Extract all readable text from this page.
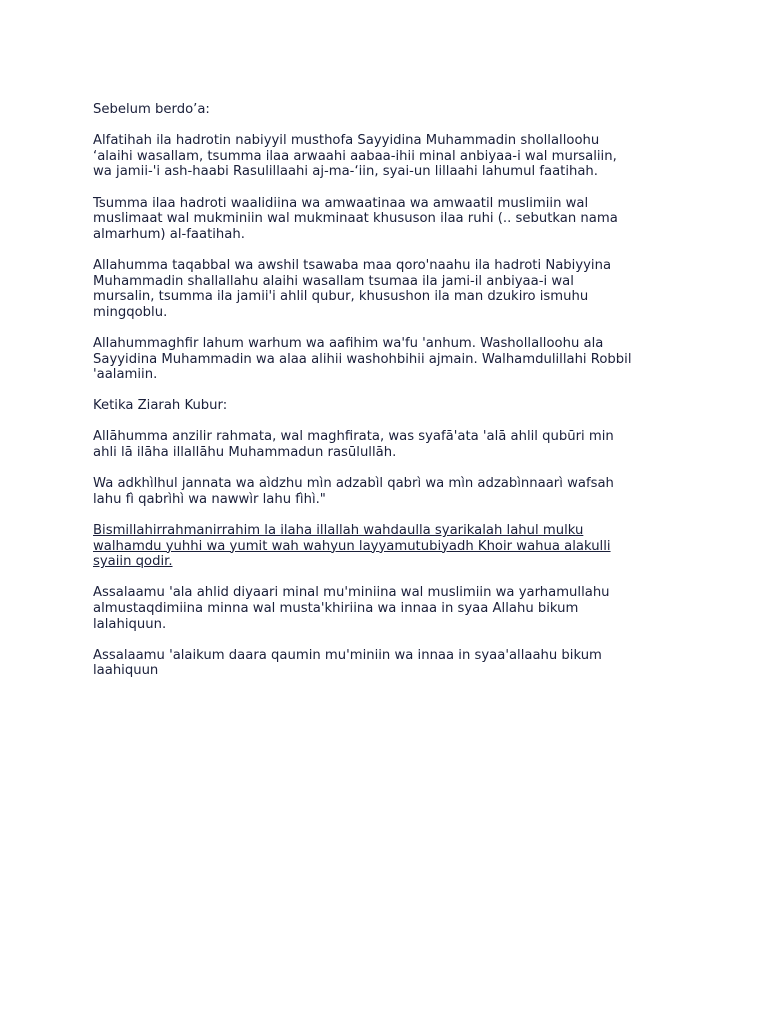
Sebelum berdo’a:

Alfatihah ila hadrotin nabiyyil musthofa Sayyidina Muhammadin shollalloohu
‘alaihi wasallam, tsumma ilaa arwaahi aabaa-ihii minal anbiyaa-i wal mursaliin,
wa jamii-'i ash-haabi Rasulillaahi aj-ma-‘iin, syai-un lillaahi lahumul faatihah.

Tsumma ilaa hadroti waalidiina wa amwaatinaa wa amwaatil muslimiin wal
muslimaat wal mukminiin wal mukminaat khususon ilaa ruhi (.. sebutkan nama
almarhum) al-faatihah.

Allahumma taqabbal wa awshil tsawaba maa qoro'naahu ila hadroti Nabiyyina
Muhammadin shallallahu alaihi wasallam tsumaa ila jami-il anbiyaa-i wal
mursalin, tsumma ila jamii'i ahlil qubur, khusushon ila man dzukiro ismuhu
mingqoblu.

Allahummaghfir lahum warhum wa aafihim wa'fu 'anhum. Washollalloohu ala
Sayyidina Muhammadin wa alaa alihii washohbihii ajmain. Walhamdulillahi Robbil
'aalamiin.

Ketika Ziarah Kubur:

Allāhumma anzilir rahmata, wal maghfirata, was syafā'ata 'alā ahlil qubūri min
ahli lā ilāha illallāhu Muhammadun rasūlullāh.

Wa adkhìlhul jannata wa aìdzhu mìn adzabìl qabrì wa mìn adzabìnnaarì wafsah
lahu fì qabrìhì wa nawwìr lahu fìhì."

Bismillahirrahmanirrahim la ilaha illallah wahdaulla syarikalah lahul mulku
walhamdu yuhhi wa yumit wah wahyun layyamutubiyadh Khoir wahua alakulli
syaiin qodir.

Assalaamu 'ala ahlid diyaari minal mu'miniina wal muslimiin wa yarhamullahu
almustaqdimiina minna wal musta'khiriina wa innaa in syaa Allahu bikum
lalahiquun.

Assalaamu 'alaikum daara qaumin mu'miniin wa innaa in syaa'allaahu bikum
laahiquun
